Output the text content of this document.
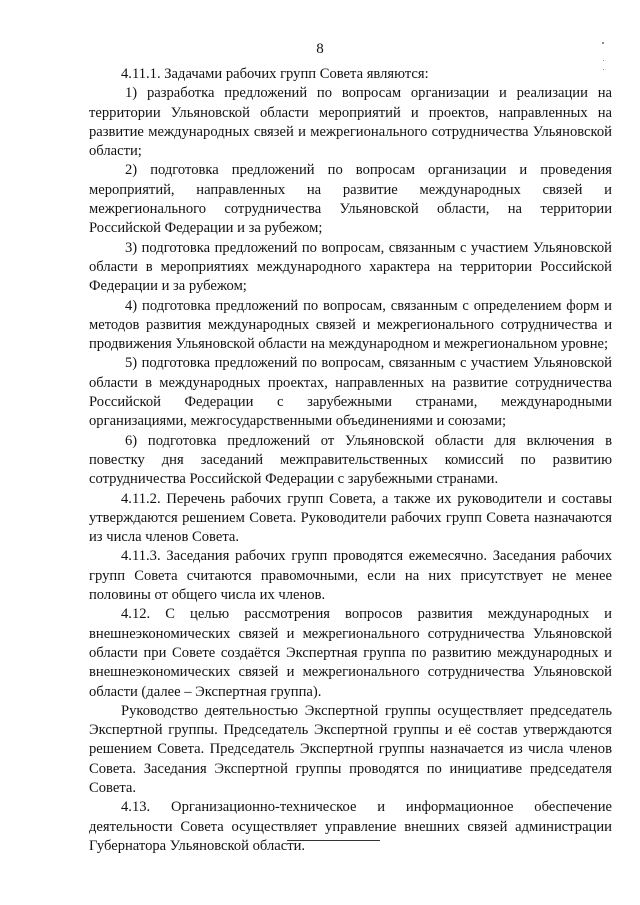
8

4.11.1. Задачами рабочих групп Совета являются:

1) разработка предложений по вопросам организации и реализации на территории Ульяновской области мероприятий и проектов, направленных на развитие международных связей и межрегионального сотрудничества Ульяновской области;

2) подготовка предложений по вопросам организации и проведения мероприятий, направленных на развитие международных связей и межрегионального сотрудничества Ульяновской области, на территории Российской Федерации и за рубежом;

3) подготовка предложений по вопросам, связанным с участием Ульяновской области в мероприятиях международного характера на территории Российской Федерации и за рубежом;

4) подготовка предложений по вопросам, связанным с определением форм и методов развития международных связей и межрегионального сотрудничества и продвижения Ульяновской области на международном и межрегиональном уровне;

5) подготовка предложений по вопросам, связанным с участием Ульяновской области в международных проектах, направленных на развитие сотрудничества Российской Федерации с зарубежными странами, международными организациями, межгосударственными объединениями и союзами;

6) подготовка предложений от Ульяновской области для включения в повестку дня заседаний межправительственных комиссий по развитию сотрудничества Российской Федерации с зарубежными странами.

4.11.2. Перечень рабочих групп Совета, а также их руководители и составы утверждаются решением Совета. Руководители рабочих групп Совета назначаются из числа членов Совета.

4.11.3. Заседания рабочих групп проводятся ежемесячно. Заседания рабочих групп Совета считаются правомочными, если на них присутствует не менее половины от общего числа их членов.

4.12. С целью рассмотрения вопросов развития международных и внешнеэкономических связей и межрегионального сотрудничества Ульяновской области при Совете создаётся Экспертная группа по развитию международных и внешнеэкономических связей и межрегионального сотрудничества Ульяновской области (далее – Экспертная группа).

Руководство деятельностью Экспертной группы осуществляет председатель Экспертной группы. Председатель Экспертной группы и её состав утверждаются решением Совета. Председатель Экспертной группы назначается из числа членов Совета. Заседания Экспертной группы проводятся по инициативе председателя Совета.

4.13. Организационно-техническое и информационное обеспечение деятельности Совета осуществляет управление внешних связей администрации Губернатора Ульяновской области.
